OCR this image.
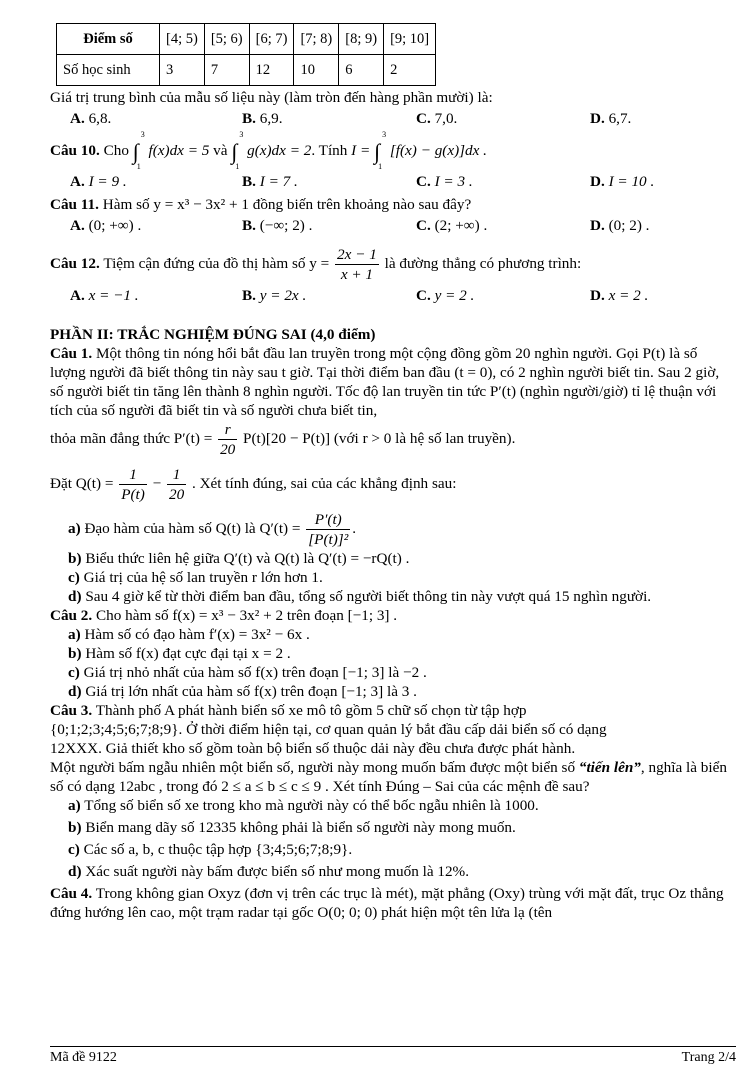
Điểm số	[4; 5)	[5; 6)	[6; 7)	[7; 8)	[8; 9)	[9; 10]
Số học sinh	3	7	12	10	6	2

Giá trị trung bình của mẫu số liệu này (làm tròn đến hàng phần mười) là:

A. 6,8.	B. 6,9.	C. 7,0.	D. 6,7.

Câu 10. Cho ∫
3
1
f(x)dx = 5 và ∫
3
1
g(x)dx = 2. Tính I = ∫
3
1
[f(x) − g(x)]dx .

A. I = 9 .	B. I = 7 .	C. I = 3 .	D. I = 10 .

Câu 11. Hàm số y = x³ − 3x² + 1 đồng biến trên khoảng nào sau đây?

A. (0; +∞) .	B. (−∞; 2) .	C. (2; +∞) .	D. (0; 2) .

Câu 12. Tiệm cận đứng của đồ thị hàm số $y = \frac{2x - 1}{x + 1}$ là đường thẳng có phương trình:

A. x = −1 .	B. y = 2x .	C. y = 2 .	D. x = 2 .

PHẦN II: TRẮC NGHIỆM ĐÚNG SAI (4,0 điểm)

Câu 1. Một thông tin nóng hổi bắt đầu lan truyền trong một cộng đồng gồm 20 nghìn người. Gọi P(t) là số lượng người đã biết thông tin này sau t giờ. Tại thời điểm ban đầu (t = 0), có 2 nghìn người biết tin. Sau 2 giờ, số người biết tin tăng lên thành 8 nghìn người. Tốc độ lan truyền tin tức P′(t) (nghìn người/giờ) tỉ lệ thuận với tích của số người đã biết tin và số người chưa biết tin,

thỏa mãn đẳng thức $P'(t) = \frac{r}{20} P(t)[20 - P(t)]$ (với r > 0 là hệ số lan truyền).

Đặt $Q(t) = \frac{1}{P(t)} - \frac{1}{20}$ . Xét tính đúng, sai của các khẳng định sau:

a) Đạo hàm của hàm số Q(t) là $Q'(t) = \frac{P'(t)}{\text{[P(t)]²}}$ .

b) Biểu thức liên hệ giữa Q′(t) và Q(t) là Q′(t) = −rQ(t) .

c) Giá trị của hệ số lan truyền r lớn hơn 1.

d) Sau 4 giờ kể từ thời điểm ban đầu, tổng số người biết thông tin này vượt quá 15 nghìn người.

Câu 2. Cho hàm số f(x) = x³ − 3x² + 2 trên đoạn [−1; 3] .

a) Hàm số có đạo hàm f′(x) = 3x² − 6x .

b) Hàm số f(x) đạt cực đại tại x = 2 .

c) Giá trị nhỏ nhất của hàm số f(x) trên đoạn [−1; 3] là −2 .

d) Giá trị lớn nhất của hàm số f(x) trên đoạn [−1; 3] là 3 .

Câu 3. Thành phố A phát hành biển số xe mô tô gồm 5 chữ số chọn từ tập hợp

{0;1;2;3;4;5;6;7;8;9}. Ở thời điểm hiện tại, cơ quan quản lý bắt đầu cấp dải biển số có dạng

12XXX. Giả thiết kho số gồm toàn bộ biển số thuộc dải này đều chưa được phát hành.

Một người bấm ngẫu nhiên một biển số, người này mong muốn bấm được một biển số “tiến lên”, nghĩa là biển số có dạng 12abc , trong đó 2 ≤ a ≤ b ≤ c ≤ 9 . Xét tính Đúng – Sai của các mệnh đề sau?

a) Tổng số biển số xe trong kho mà người này có thể bốc ngẫu nhiên là 1000.

b) Biển mang dãy số 12335 không phải là biển số người này mong muốn.

c) Các số a, b, c thuộc tập hợp {3;4;5;6;7;8;9}.

d) Xác suất người này bấm được biển số như mong muốn là 12%.

Câu 4. Trong không gian Oxyz (đơn vị trên các trục là mét), mặt phẳng (Oxy) trùng với mặt đất, trục Oz thẳng đứng hướng lên cao, một trạm radar tại gốc O(0; 0; 0) phát hiện một tên lửa lạ (tên

Mã đề 9122	Trang 2/4
